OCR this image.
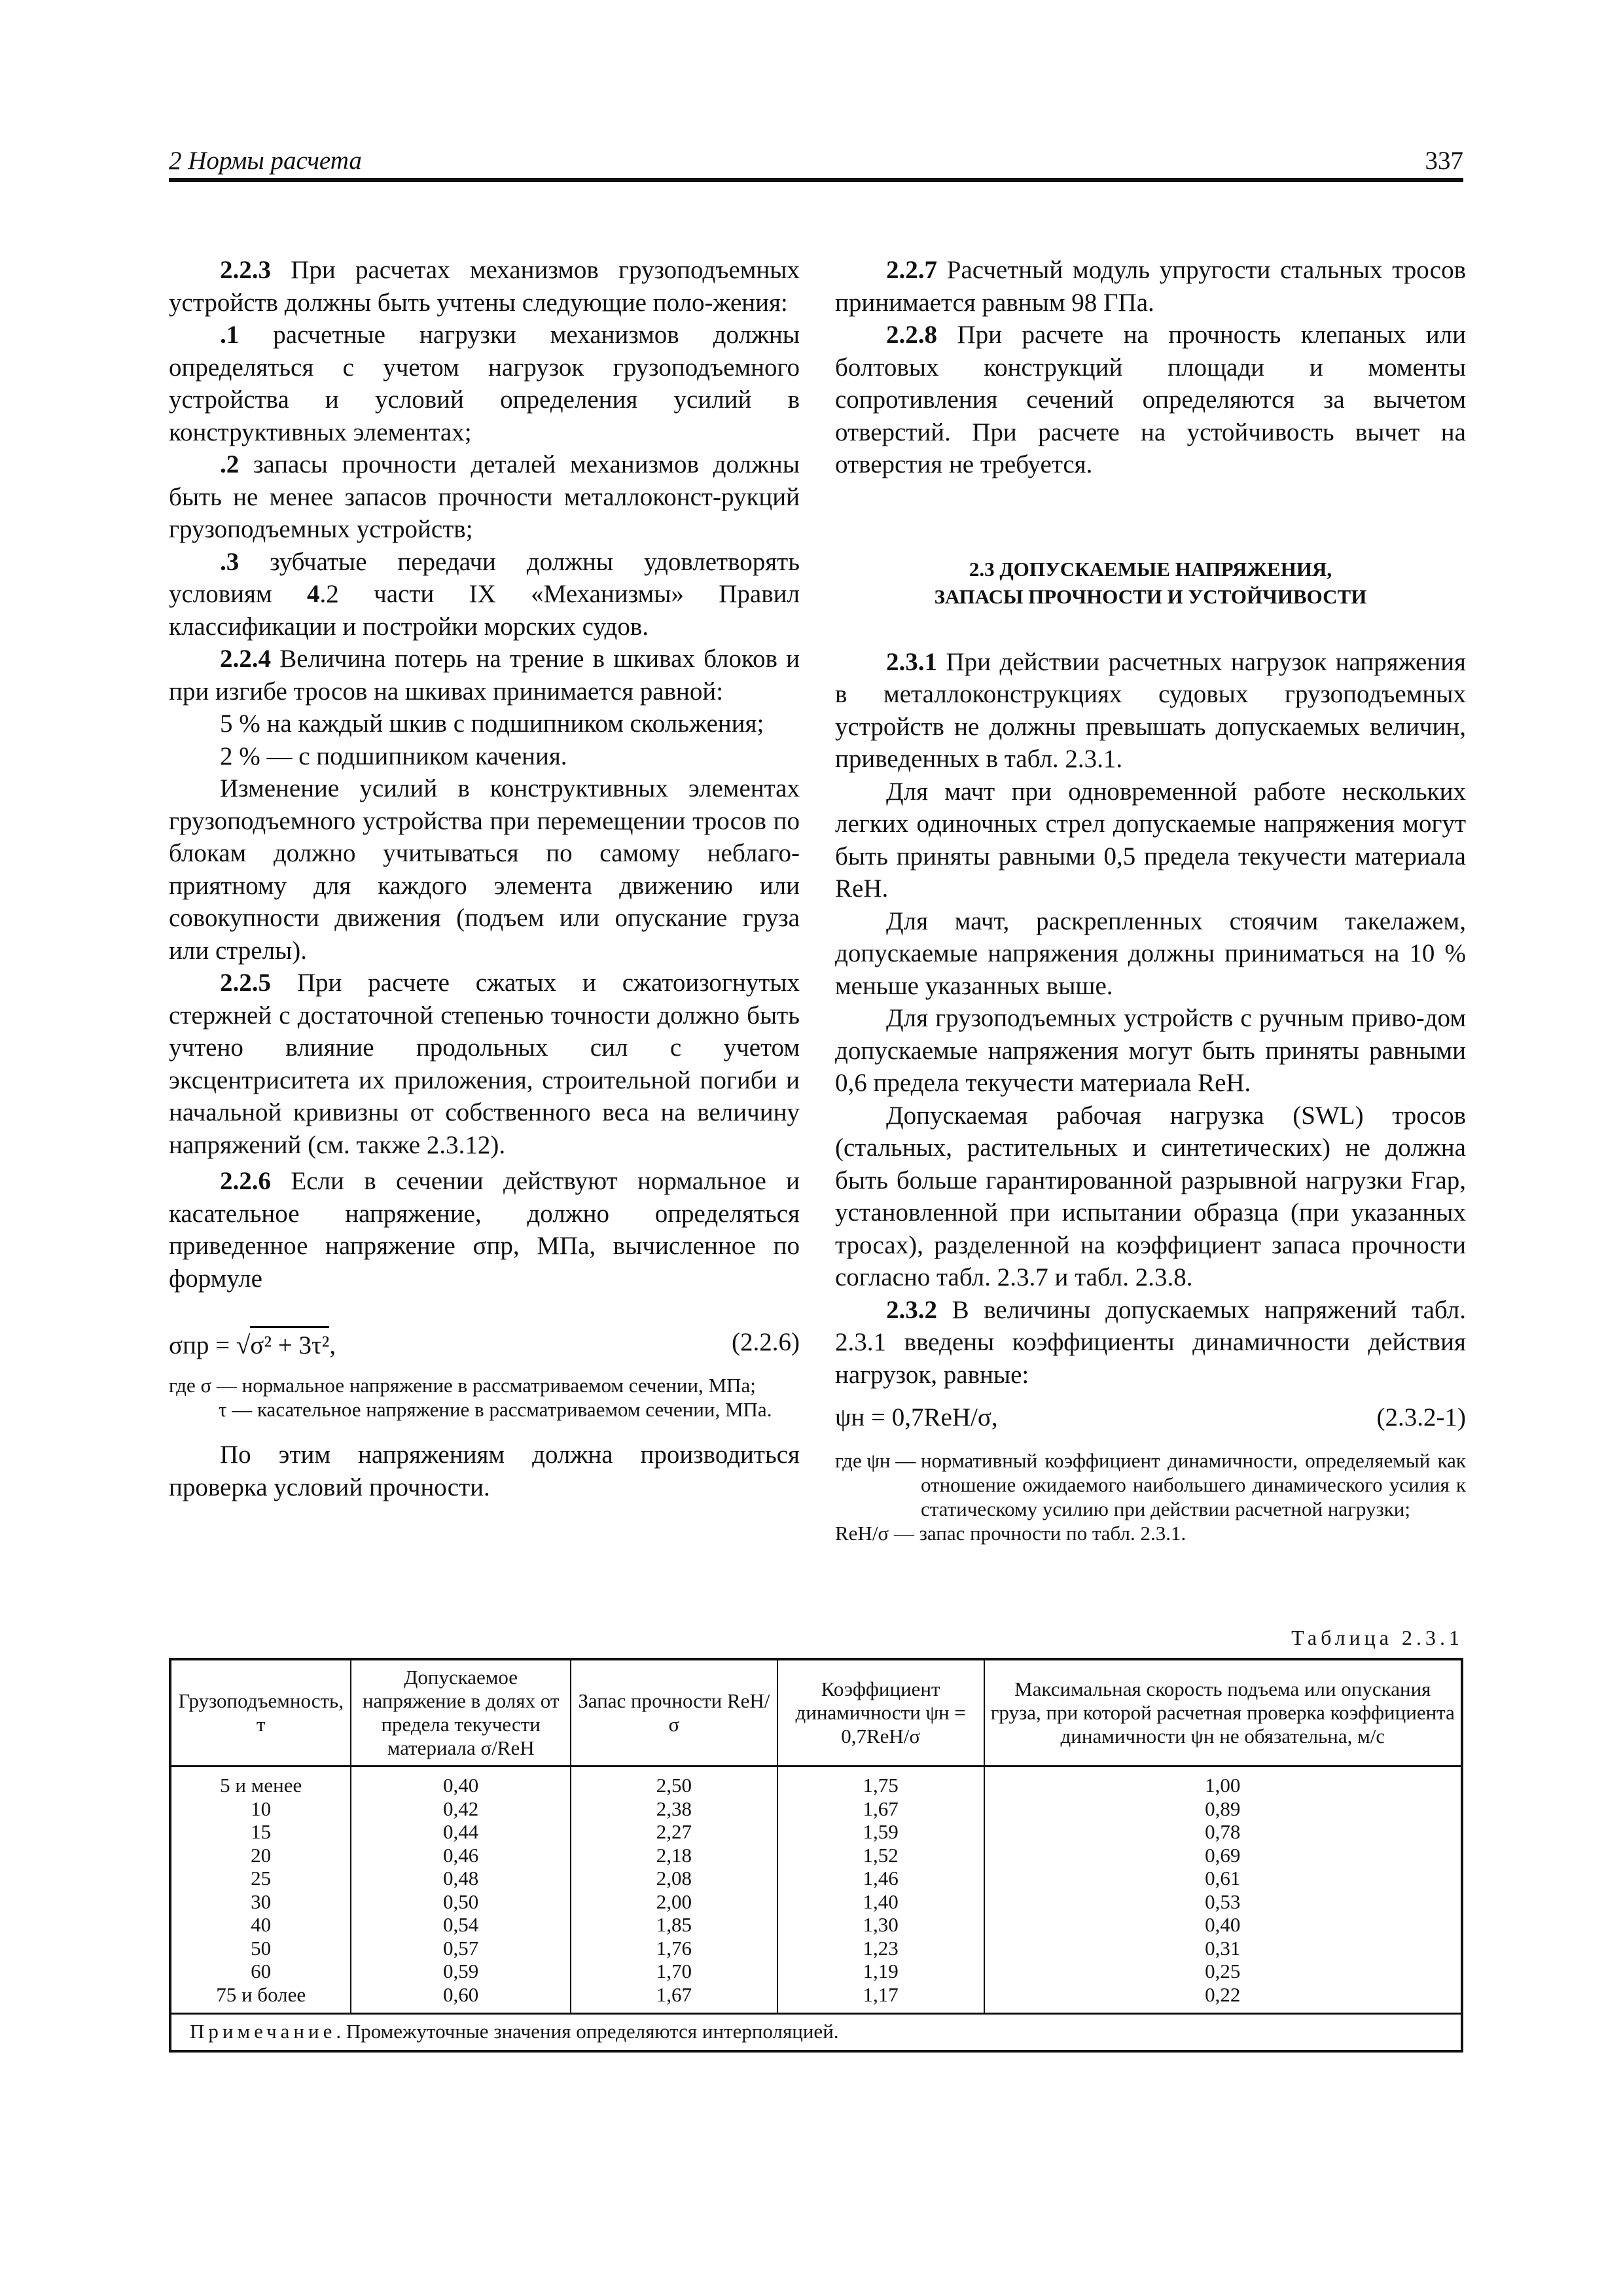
2 Нормы расчета	337

2.2.3 При расчетах механизмов грузоподъемных устройств должны быть учтены следующие поло-жения:

.1 расчетные нагрузки механизмов должны определяться с учетом нагрузок грузоподъемного устройства и условий определения усилий в конструктивных элементах;

.2 запасы прочности деталей механизмов должны быть не менее запасов прочности металлоконст-рукций грузоподъемных устройств;

.3 зубчатые передачи должны удовлетворять условиям 4.2 части IX «Механизмы» Правил классификации и постройки морских судов.

2.2.4 Величина потерь на трение в шкивах блоков и при изгибе тросов на шкивах принимается равной:

5 % на каждый шкив с подшипником скольжения;

2 % — с подшипником качения.

Изменение усилий в конструктивных элементах грузоподъемного устройства при перемещении тросов по блокам должно учитываться по самому неблаго-приятному для каждого элемента движению или совокупности движения (подъем или опускание груза или стрелы).

2.2.5 При расчете сжатых и сжатоизогнутых стержней с достаточной степенью точности должно быть учтено влияние продольных сил с учетом эксцентриситета их приложения, строительной погиби и начальной кривизны от собственного веса на величину напряжений (см. также 2.3.12).

2.2.6 Если в сечении действуют нормальное и касательное напряжение, должно определяться приведенное напряжение σпр, МПа, вычисленное по формуле

σпр = √σ² + 3τ²,	(2.2.6)
где σ — нормальное напряжение в рассматриваемом сечении, МПа;
τ — касательное напряжение в рассматриваемом сечении, МПа.

По этим напряжениям должна производиться проверка условий прочности.

2.2.7 Расчетный модуль упругости стальных тросов принимается равным 98 ГПа.

2.2.8 При расчете на прочность клепаных или болтовых конструкций площади и моменты сопротивления сечений определяются за вычетом отверстий. При расчете на устойчивость вычет на отверстия не требуется.

2.3 ДОПУСКАЕМЫЕ НАПРЯЖЕНИЯ,
ЗАПАСЫ ПРОЧНОСТИ И УСТОЙЧИВОСТИ

2.3.1 При действии расчетных нагрузок напряжения в металлоконструкциях судовых грузоподъемных устройств не должны превышать допускаемых величин, приведенных в табл. 2.3.1.

Для мачт при одновременной работе нескольких легких одиночных стрел допускаемые напряжения могут быть приняты равными 0,5 предела текучести материала ReH.

Для мачт, раскрепленных стоячим такелажем, допускаемые напряжения должны приниматься на 10 % меньше указанных выше.

Для грузоподъемных устройств с ручным приво-дом допускаемые напряжения могут быть приняты равными 0,6 предела текучести материала ReH.

Допускаемая рабочая нагрузка (SWL) тросов (стальных, растительных и синтетических) не должна быть больше гарантированной разрывной нагрузки Fгар, установленной при испытании образца (при указанных тросах), разделенной на коэффициент запаса прочности согласно табл. 2.3.7 и табл. 2.3.8.

2.3.2 В величины допускаемых напряжений табл. 2.3.1 введены коэффициенты динамичности действия нагрузок, равные:

ψн = 0,7ReH/σ,	(2.3.2-1)
где ψн — нормативный коэффициент динамичности, определяемый как отношение ожидаемого наибольшего динамического усилия к статическому усилию при действии расчетной нагрузки;
ReH/σ — запас прочности по табл. 2.3.1.
Таблица 2.3.1
Грузоподъемность, т	Допускаемое напряжение в долях от предела текучести материала σ/ReH	Запас прочности ReH/σ	Коэффициент динамичности ψн = 0,7ReH/σ	Максимальная скорость подъема или опускания груза, при которой расчетная проверка коэффициента динамичности ψн не обязательна, м/с
5 и менее	0,40	2,50	1,75	1,00
10	0,42	2,38	1,67	0,89
15	0,44	2,27	1,59	0,78
20	0,46	2,18	1,52	0,69
25	0,48	2,08	1,46	0,61
30	0,50	2,00	1,40	0,53
40	0,54	1,85	1,30	0,40
50	0,57	1,76	1,23	0,31
60	0,59	1,70	1,19	0,25
75 и более	0,60	1,67	1,17	0,22
Примечание. Промежуточные значения определяются интерполяцией.				
